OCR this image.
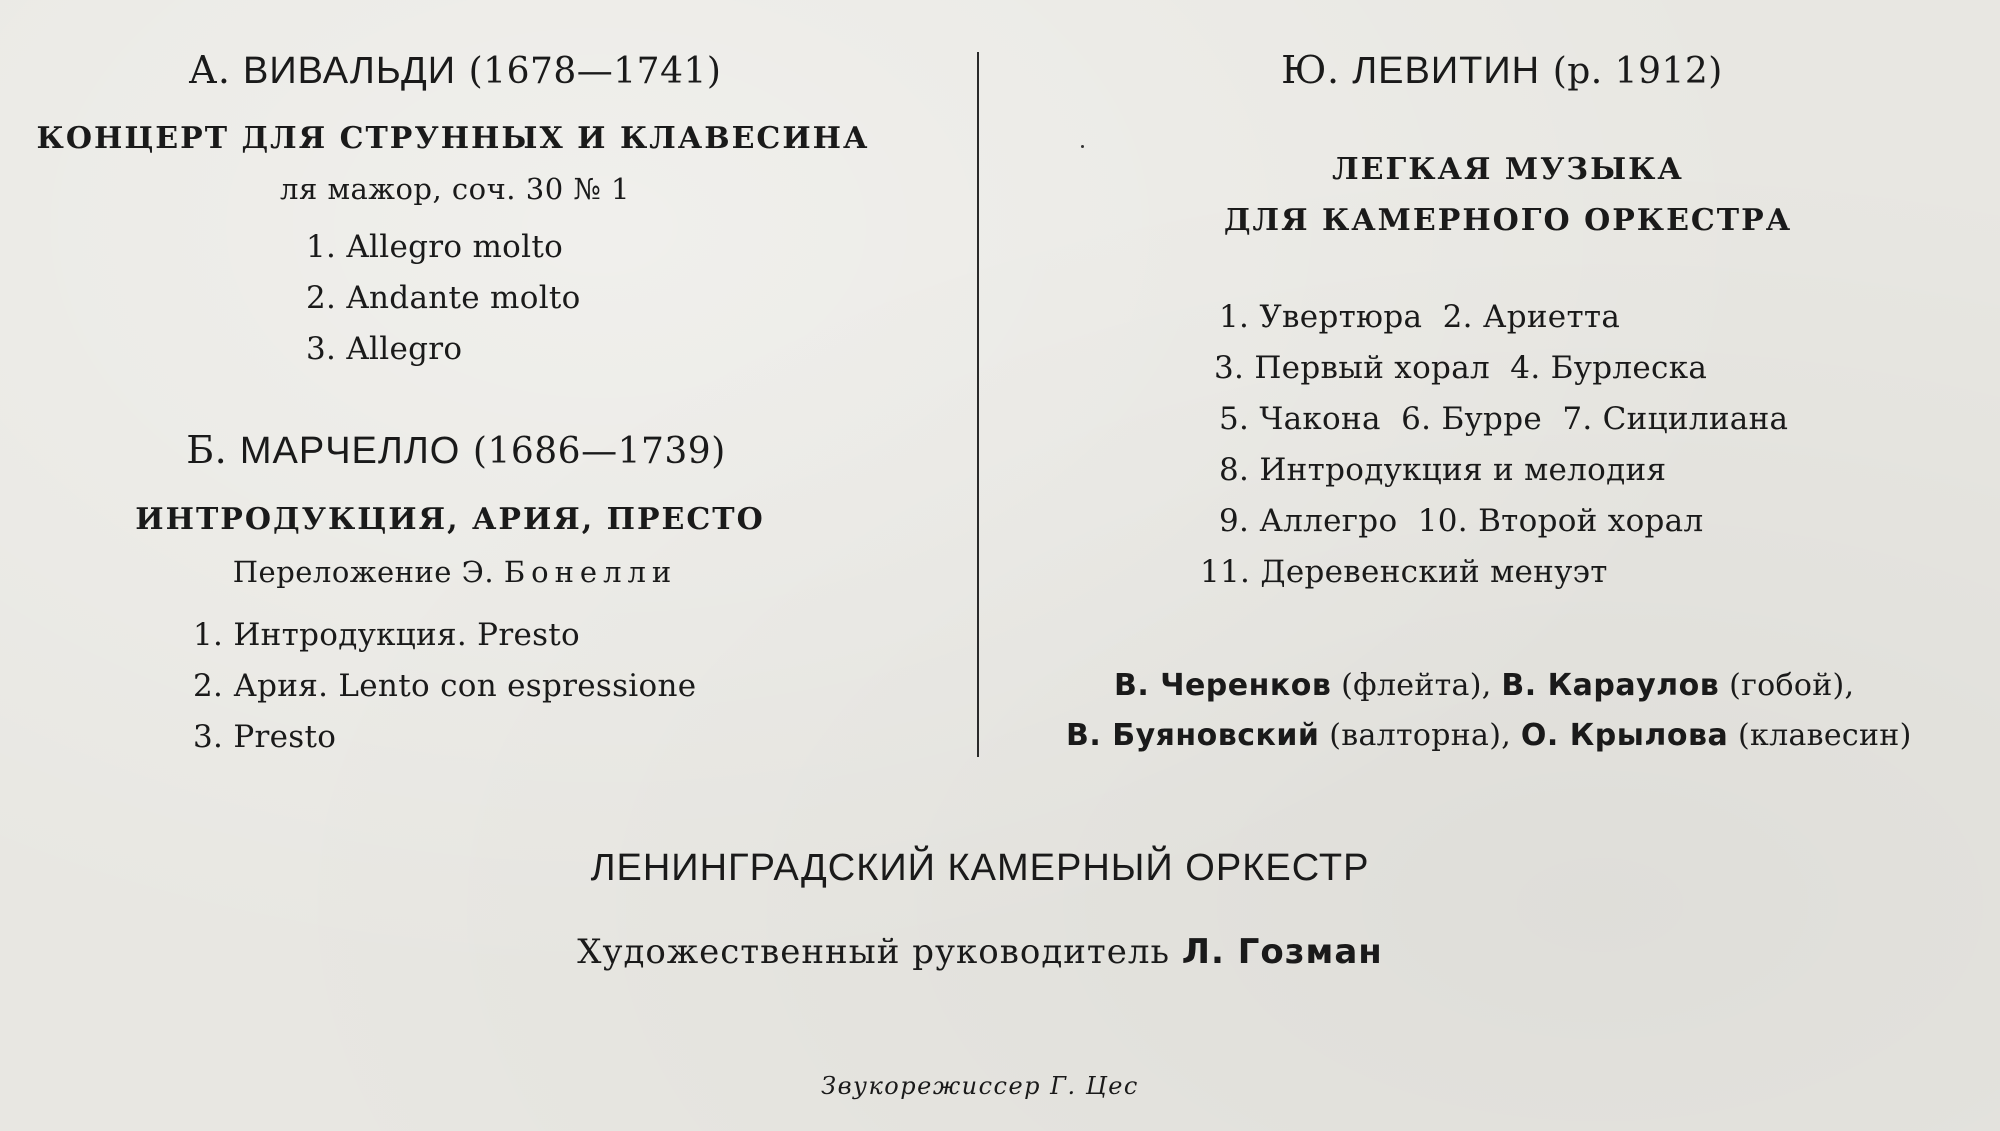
А. ВИВАЛЬДИ (1678—1741)
КОНЦЕРТ ДЛЯ СТРУННЫХ И КЛАВЕСИНА
ля мажор, соч. 30 № 1
1. Allegro molto
2. Andante molto
3. Allegro
Б. МАРЧЕЛЛО (1686—1739)
ИНТРОДУКЦИЯ, АРИЯ, ПРЕСТО
Переложение Э. Бонелли
1. Интродукция. Presto
2. Ария. Lento con espressione
3. Presto
Ю. ЛЕВИТИН (р. 1912)
ЛЕГКАЯ МУЗЫКА
ДЛЯ КАМЕРНОГО ОРКЕСТРА
1. Увертюра 2. Ариетта
3. Первый хорал 4. Бурлеска
5. Чакона 6. Бурре 7. Сицилиана
8. Интродукция и мелодия
9. Аллегро 10. Второй хорал
11. Деревенский менуэт
В. Черенков (флейта), В. Караулов (гобой),
В. Буяновский (валторна), О. Крылова (клавесин)
ЛЕНИНГРАДСКИЙ КАМЕРНЫЙ ОРКЕСТР
Художественный руководитель Л. Гозман
Звукорежиссер Г. Цес
